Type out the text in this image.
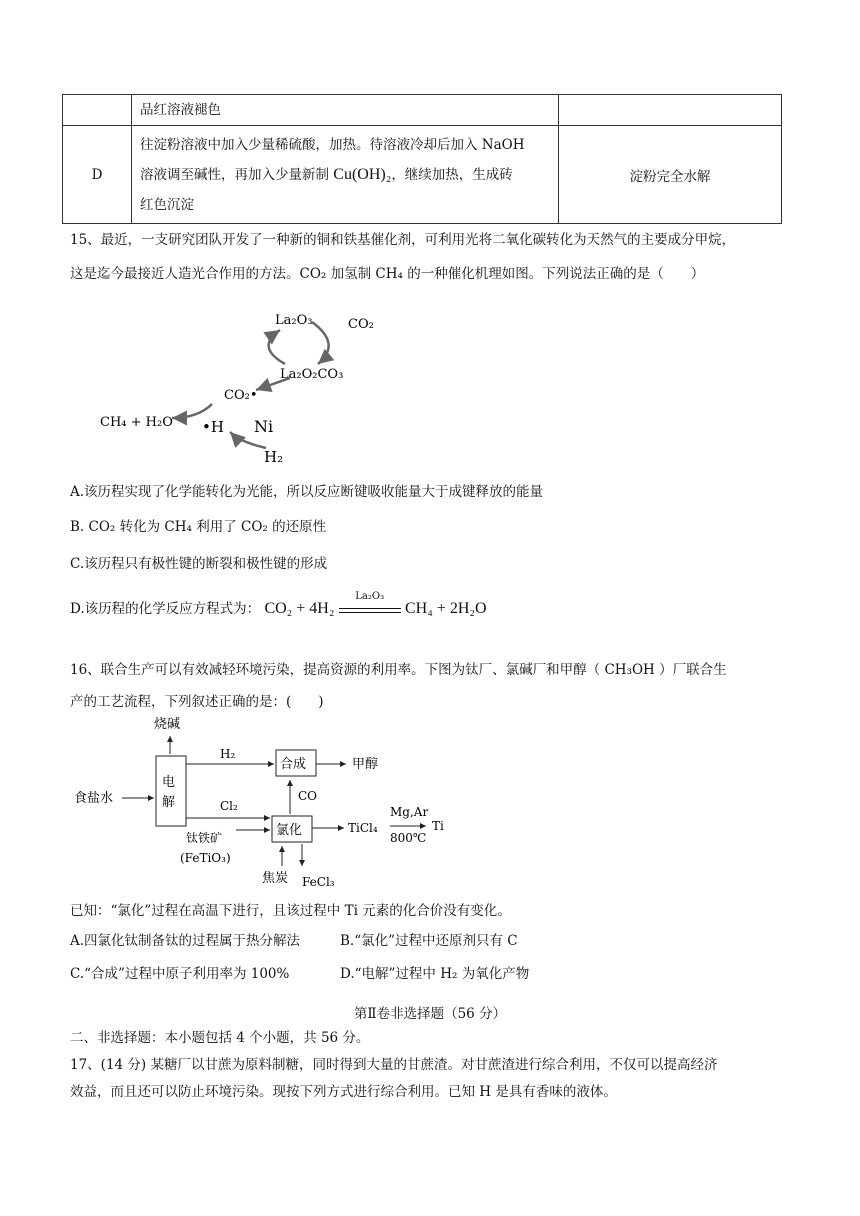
	品红溶液褪色	
D	往淀粉溶液中加入少量稀硫酸，加热。待溶液冷却后加入 NaOH
溶液调至碱性，再加入少量新制 Cu(OH)₂，继续加热，生成砖
红色沉淀	淀粉完全水解
15、最近，一支研究团队开发了一种新的铜和铁基催化剂，可利用光将二氧化碳转化为天然气的主要成分甲烷，
这是迄今最接近人造光合作用的方法。CO₂ 加氢制 CH₄ 的一种催化机理如图。下列说法正确的是（　　）
La₂O₃	CO₂
La₂O₂CO₃
CO₂•
CH₄ + H₂O •H Ni
H₂
A.该历程实现了化学能转化为光能，所以反应断键吸收能量大于成键释放的能量
B. CO₂ 转化为 CH₄ 利用了 CO₂ 的还原性
C.该历程只有极性键的断裂和极性键的形成
D.该历程的化学反应方程式为： CO₂ + 4H₂
La₂O₃
CH₄ + 2H₂O
16、联合生产可以有效减轻环境污染，提高资源的利用率。下图为钛厂、氯碱厂和甲醇（ CH₃OH ）厂联合生
产的工艺流程，下列叙述正确的是：(　　)
烧碱
电
解
食盐水
H₂
合成	甲醇
CO
Cl₂
氯化
钛铁矿
(FeTiO₃)
TiCl₄
Mg,Ar
800℃
Ti
焦炭 FeCl₃
已知：“氯化”过程在高温下进行，且该过程中 Ti 元素的化合价没有变化。
A.四氯化钛制备钛的过程属于热分解法	B.“氯化”过程中还原剂只有 C
C.“合成”过程中原子利用率为 100%	D.“电解”过程中 H₂ 为氧化产物
第Ⅱ卷非选择题（56 分）
二、非选择题：本小题包括 4 个小题，共 56 分。
17、(14 分) 某糖厂以甘蔗为原料制糖，同时得到大量的甘蔗渣。对甘蔗渣进行综合利用，不仅可以提高经济
效益，而且还可以防止环境污染。现按下列方式进行综合利用。已知 H 是具有香味的液体。
